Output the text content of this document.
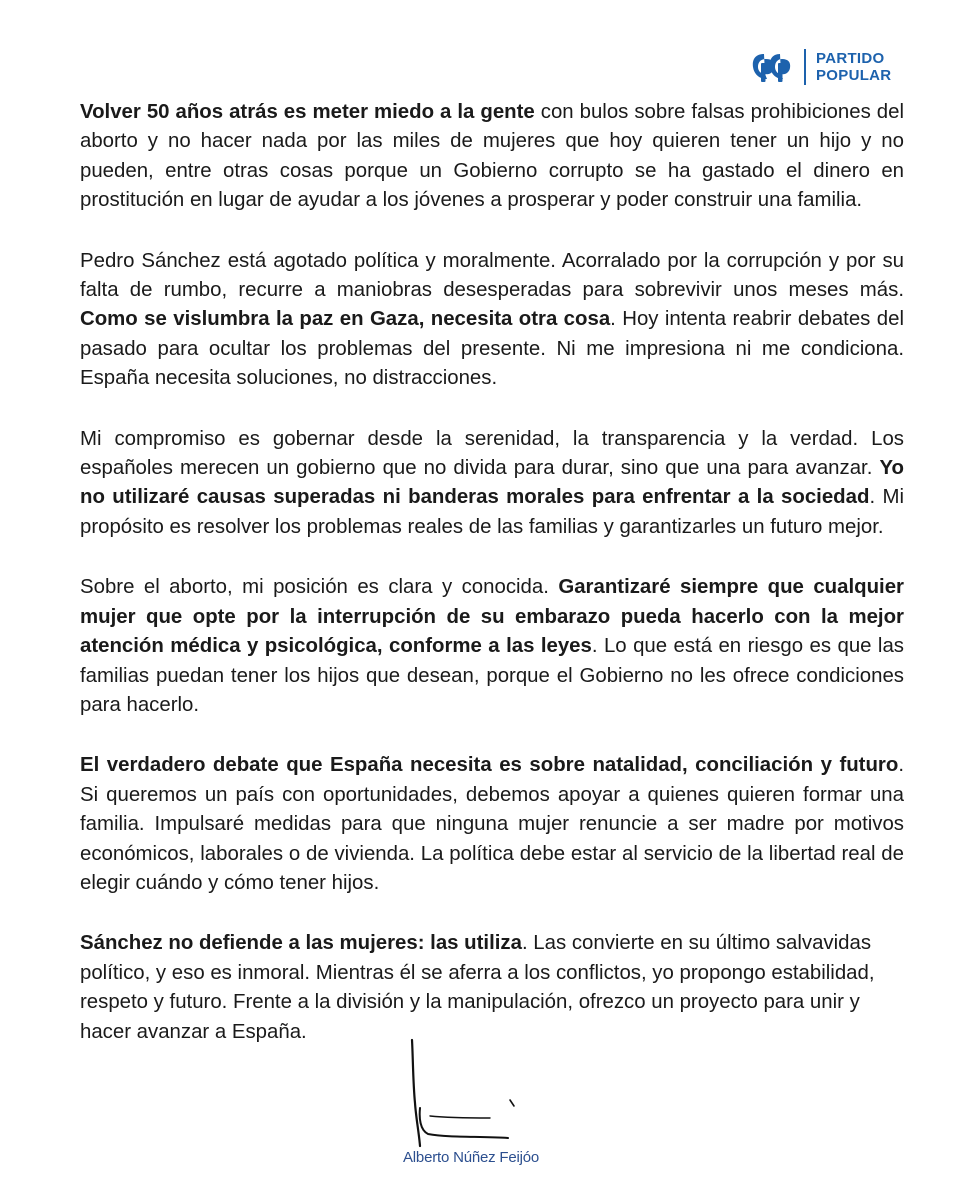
PARTIDO
POPULAR

Volver 50 años atrás es meter miedo a la gente con bulos sobre falsas prohibiciones del aborto y no hacer nada por las miles de mujeres que hoy quieren tener un hijo y no pueden, entre otras cosas porque un Gobierno corrupto se ha gastado el dinero en prostitución en lugar de ayudar a los jóvenes a prosperar y poder construir una familia.

Pedro Sánchez está agotado política y moralmente. Acorralado por la corrupción y por su falta de rumbo, recurre a maniobras desesperadas para sobrevivir unos meses más. Como se vislumbra la paz en Gaza, necesita otra cosa. Hoy intenta reabrir debates del pasado para ocultar los problemas del presente. Ni me impresiona ni me condiciona. España necesita soluciones, no distracciones.

Mi compromiso es gobernar desde la serenidad, la transparencia y la verdad. Los españoles merecen un gobierno que no divida para durar, sino que una para avanzar. Yo no utilizaré causas superadas ni banderas morales para enfrentar a la sociedad. Mi propósito es resolver los problemas reales de las familias y garantizarles un futuro mejor.

Sobre el aborto, mi posición es clara y conocida. Garantizaré siempre que cualquier mujer que opte por la interrupción de su embarazo pueda hacerlo con la mejor atención médica y psicológica, conforme a las leyes. Lo que está en riesgo es que las familias puedan tener los hijos que desean, porque el Gobierno no les ofrece condiciones para hacerlo.

El verdadero debate que España necesita es sobre natalidad, conciliación y futuro. Si queremos un país con oportunidades, debemos apoyar a quienes quieren formar una familia. Impulsaré medidas para que ninguna mujer renuncie a ser madre por motivos económicos, laborales o de vivienda. La política debe estar al servicio de la libertad real de elegir cuándo y cómo tener hijos.

Sánchez no defiende a las mujeres: las utiliza. Las convierte en su último salvavidas político, y eso es inmoral. Mientras él se aferra a los conflictos, yo propongo estabilidad, respeto y futuro. Frente a la división y la manipulación, ofrezco un proyecto para unir y hacer avanzar a España.

Alberto Núñez Feijóo
